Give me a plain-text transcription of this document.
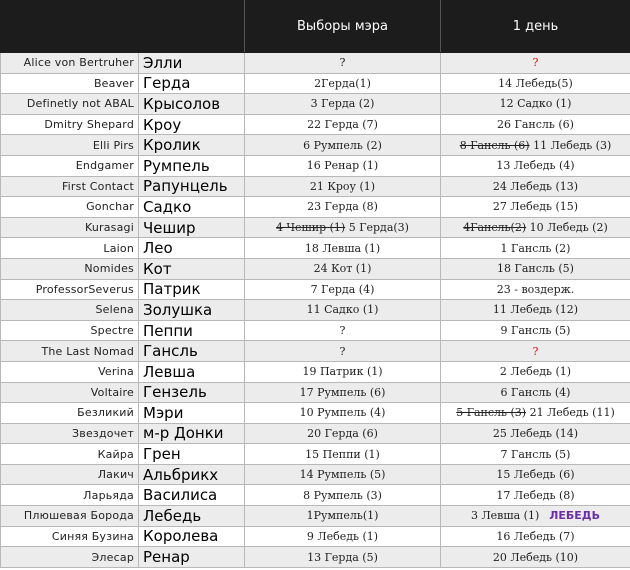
		Выборы мэра	1 день
Alice von Bertruher	Элли	?	?
Beaver	Герда	2Герда(1)	14 Лебедь(5)
Definetly not ABAL	Крысолов	3 Герда (2)	12 Садко (1)
Dmitry Shepard	Кроу	22 Герда (7)	26 Гансль (6)
Elli Pirs	Кролик	6 Румпель (2)	8 Гансль (6) 11 Лебедь (3)
Endgamer	Румпель	16 Ренар (1)	13 Лебедь (4)
First Contact	Рапунцель	21 Кроу (1)	24 Лебедь (13)
Gonchar	Садко	23 Герда (8)	27 Лебедь (15)
Kurasagi	Чешир	4 Чешир (1) 5 Герда(3)	4Гансль(2) 10 Лебедь (2)
Laion	Лео	18 Левша (1)	1 Гансль (2)
Nomides	Кот	24 Кот (1)	18 Гансль (5)
ProfessorSeverus	Патрик	7 Герда (4)	23 - воздерж.
Selena	Золушка	11 Садко (1)	11 Лебедь (12)
Spectre	Пеппи	?	9 Гансль (5)
The Last Nomad	Гансль	?	?
Verina	Левша	19 Патрик (1)	2 Лебедь (1)
Voltaire	Гензель	17 Румпель (6)	6 Гансль (4)
Безликий	Мэри	10 Румпель (4)	5 Гансль (3) 21 Лебедь (11)
Звездочет	м-р Донки	20 Герда (6)	25 Лебедь (14)
Кайра	Грен	15 Пеппи (1)	7 Гансль (5)
Лакич	Альбрикх	14 Румпель (5)	15 Лебедь (6)
Ларьяда	Василиса	8 Румпель (3)	17 Лебедь (8)
Плюшевая Борода	Лебедь	1Румпель(1)	3 Левша (1) ЛЕБЕДЬ
Синяя Бузина	Королева	9 Лебедь (1)	16 Лебедь (7)
Элесар	Ренар	13 Герда (5)	20 Лебедь (10)
